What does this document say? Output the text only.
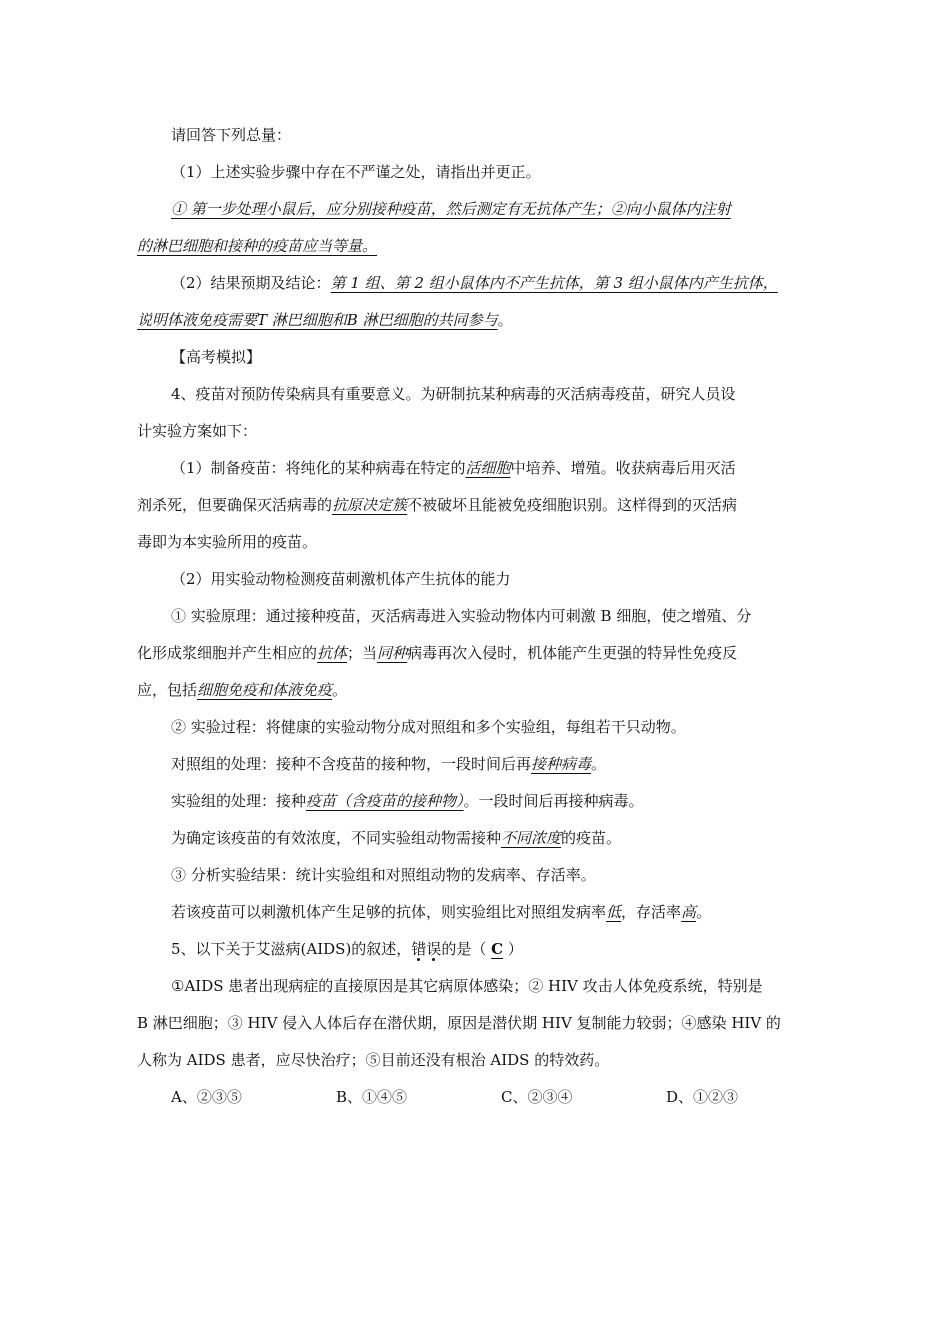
请回答下列总量：
（1）上述实验步骤中存在不严谨之处，请指出并更正。
① 第一步处理小鼠后，应分别接种疫苗，然后测定有无抗体产生；②向小鼠体内注射
的淋巴细胞和接种的疫苗应当等量。
（2）结果预期及结论：第 1 组、第 2 组小鼠体内不产生抗体，第 3 组小鼠体内产生抗体，
说明体液免疫需要T 淋巴细胞和B 淋巴细胞的共同参与。
【高考模拟】
4、疫苗对预防传染病具有重要意义。为研制抗某种病毒的灭活病毒疫苗，研究人员设
计实验方案如下：
（1）制备疫苗：将纯化的某种病毒在特定的活细胞中培养、增殖。收获病毒后用灭活
剂杀死，但要确保灭活病毒的抗原决定簇不被破坏且能被免疫细胞识别。这样得到的灭活病
毒即为本实验所用的疫苗。
（2）用实验动物检测疫苗刺激机体产生抗体的能力
① 实验原理：通过接种疫苗，灭活病毒进入实验动物体内可刺激 B 细胞，使之增殖、分
化形成浆细胞并产生相应的抗体；当同种病毒再次入侵时，机体能产生更强的特异性免疫反
应，包括细胞免疫和体液免疫。
② 实验过程：将健康的实验动物分成对照组和多个实验组，每组若干只动物。
对照组的处理：接种不含疫苗的接种物，一段时间后再接种病毒。
实验组的处理：接种疫苗（含疫苗的接种物）。一段时间后再接种病毒。
为确定该疫苗的有效浓度，不同实验组动物需接种不同浓度的疫苗。
③ 分析实验结果：统计实验组和对照组动物的发病率、存活率。
若该疫苗可以刺激机体产生足够的抗体，则实验组比对照组发病率低，存活率高。
5、以下关于艾滋病(AIDS)的叙述，错误的是（ C ）
①AIDS 患者出现病症的直接原因是其它病原体感染；② HIV 攻击人体免疫系统，特别是
B 淋巴细胞；③ HIV 侵入人体后存在潜伏期，原因是潜伏期 HIV 复制能力较弱；④感染 HIV 的
人称为 AIDS 患者，应尽快治疗；⑤目前还没有根治 AIDS 的特效药。
A、②③⑤	B、①④⑤	C、②③④	D、①②③
